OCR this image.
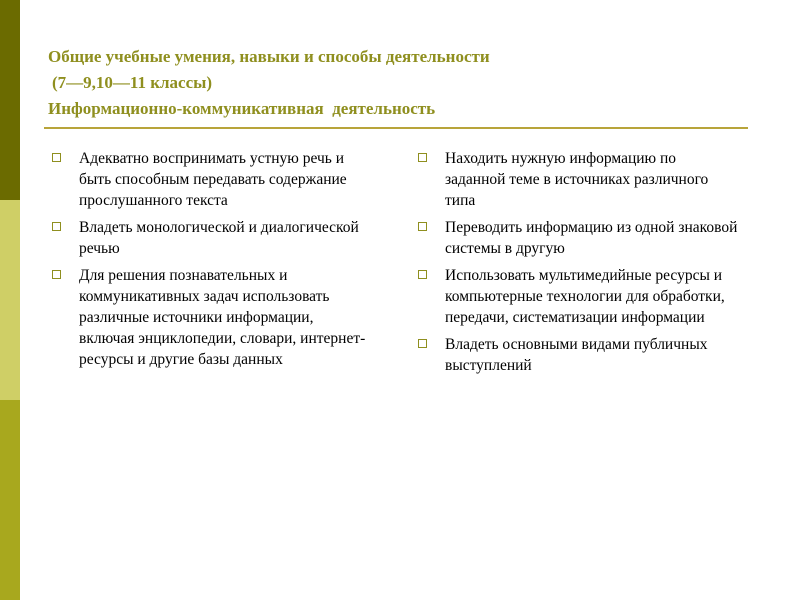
Общие учебные умения, навыки и способы деятельности
(7—9,10—11 классы)
Информационно-коммуникативная  деятельность
Адекватно воспринимать устную речь и быть способным передавать содержание прослушанного текста
Владеть монологической и диалогической речью
Для решения познавательных и коммуникативных задач использовать различные источники информации, включая энциклопедии, словари, интернет-ресурсы и другие базы данных
Находить нужную информацию по заданной теме в источниках различного типа
Переводить информацию из одной знаковой системы в другую
Использовать мультимедийные ресурсы и компьютерные технологии для обработки, передачи, систематизации информации
Владеть основными видами публичных выступлений
